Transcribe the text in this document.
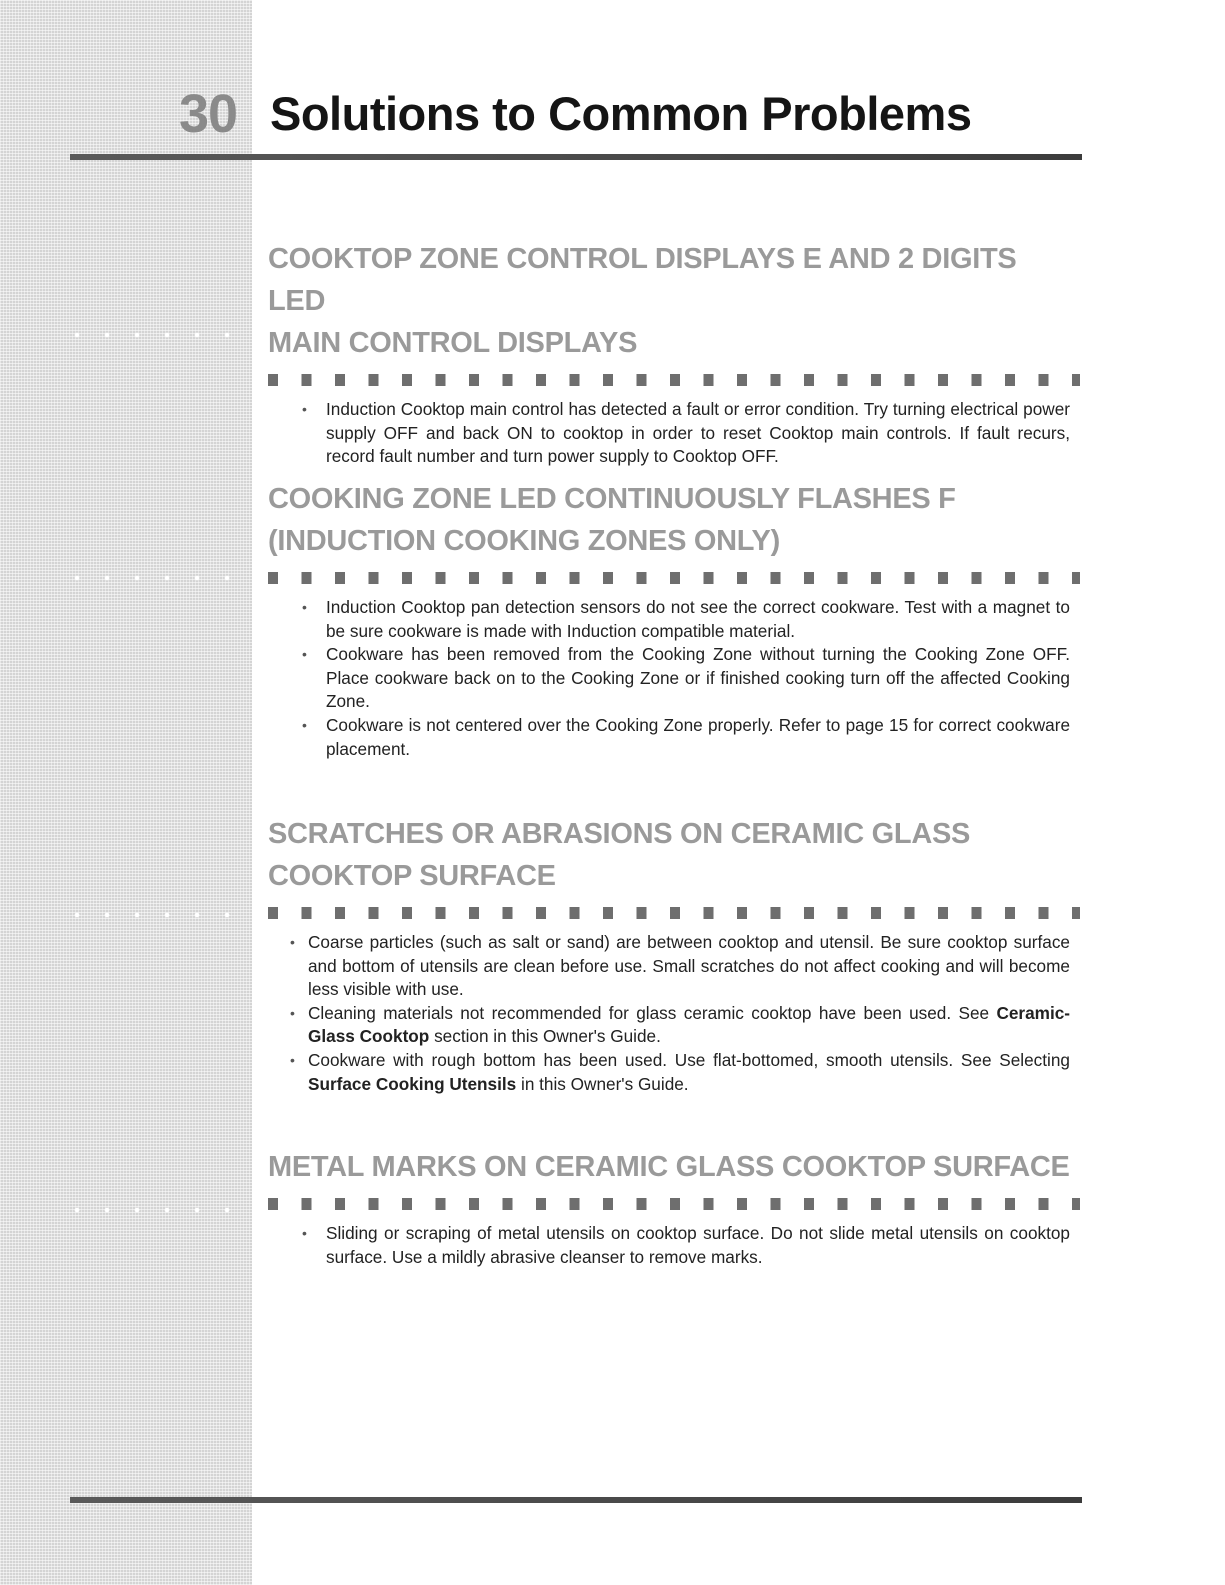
30 Solutions to Common Problems
COOKTOP ZONE CONTROL DISPLAYS E AND 2 DIGITS LED
MAIN CONTROL DISPLAYS
• Induction Cooktop main control has detected a fault or error condition. Try turning electrical power supply OFF and back ON to cooktop in order to reset Cooktop main controls. If fault recurs, record fault number and turn power supply to Cooktop OFF.
COOKING ZONE LED CONTINUOUSLY FLASHES F
(INDUCTION COOKING ZONES ONLY)
• Induction Cooktop pan detection sensors do not see the correct cookware. Test with a magnet to be sure cookware is made with Induction compatible material.
• Cookware has been removed from the Cooking Zone without turning the Cooking Zone OFF. Place cookware back on to the Cooking Zone or if finished cooking turn off the affected Cooking Zone.
• Cookware is not centered over the Cooking Zone properly. Refer to page 15 for correct cookware placement.
SCRATCHES OR ABRASIONS ON CERAMIC GLASS
COOKTOP SURFACE
• Coarse particles (such as salt or sand) are between cooktop and utensil. Be sure cooktop surface and bottom of utensils are clean before use. Small scratches do not affect cooking and will become less visible with use.
• Cleaning materials not recommended for glass ceramic cooktop have been used. See Ceramic-Glass Cooktop section in this Owner's Guide.
• Cookware with rough bottom has been used. Use flat-bottomed, smooth utensils. See Selecting Surface Cooking Utensils in this Owner's Guide.
METAL MARKS ON CERAMIC GLASS COOKTOP SURFACE
• Sliding or scraping of metal utensils on cooktop surface. Do not slide metal utensils on cooktop surface. Use a mildly abrasive cleanser to remove marks.
